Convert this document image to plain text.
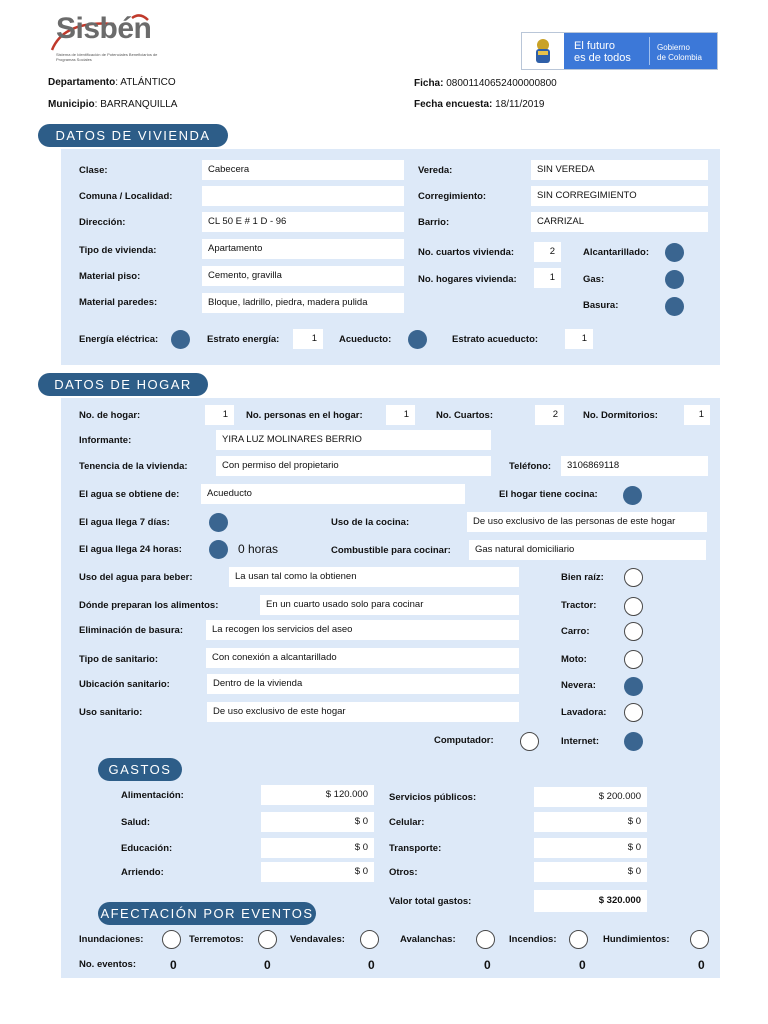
Sisbén
Sistema de Identificación de Potenciales Beneficiarios de Programas Sociales
El futuro
es de todos
Gobierno
de Colombia
Departamento: ATLÁNTICO
Municipio: BARRANQUILLA
Ficha: 08001140652400000800
Fecha encuesta: 18/11/2019
DATOS DE VIVIENDA
Clase:	Cabecera	Vereda:	SIN VEREDA
Comuna / Localidad:	Corregimiento:	SIN CORREGIMIENTO
Dirección:	CL 50 E # 1 D - 96	Barrio:	CARRIZAL
Tipo de vivienda:	Apartamento	No. cuartos vivienda:	2	Alcantarillado:
Material piso:	Cemento, gravilla	No. hogares vivienda:	1	Gas:
Material paredes:	Bloque, ladrillo, piedra, madera pulida	Basura:
Energía eléctrica:	Estrato energía:	1	Acueducto:	Estrato acueducto:	1
DATOS DE HOGAR
No. de hogar:	1	No. personas en el hogar:	1	No. Cuartos:	2	No. Dormitorios:	1
Informante:	YIRA LUZ MOLINARES BERRIO
Tenencia de la vivienda:	Con permiso del propietario	Teléfono:	3106869118
El agua se obtiene de:	Acueducto	El hogar tiene cocina:
El agua llega 7 días:	Uso de la cocina:	De uso exclusivo de las personas de este hogar
El agua llega 24 horas:	0 horas	Combustible para cocinar:	Gas natural domiciliario
Uso del agua para beber:	La usan tal como la obtienen
Dónde preparan los alimentos:	En un cuarto usado solo para cocinar
Eliminación de basura:	La recogen los servicios del aseo
Tipo de sanitario:	Con conexión a alcantarillado
Ubicación sanitario:	Dentro de la vivienda
Uso sanitario:	De uso exclusivo de este hogar
Bien raíz:
Tractor:
Carro:
Moto:
Nevera:
Lavadora:
Internet:
Computador:
GASTOS
Alimentación:	$ 120.000	Servicios públicos:	$ 200.000
Salud:	$ 0	Celular:	$ 0
Educación:	$ 0	Transporte:	$ 0
Arriendo:	$ 0	Otros:	$ 0
Valor total gastos:	$ 320.000
AFECTACIÓN POR EVENTOS
Inundaciones:	Terremotos:	Vendavales:	Avalanchas:	Incendios:	Hundimientos:
No. eventos:	0	0	0	0	0	0
